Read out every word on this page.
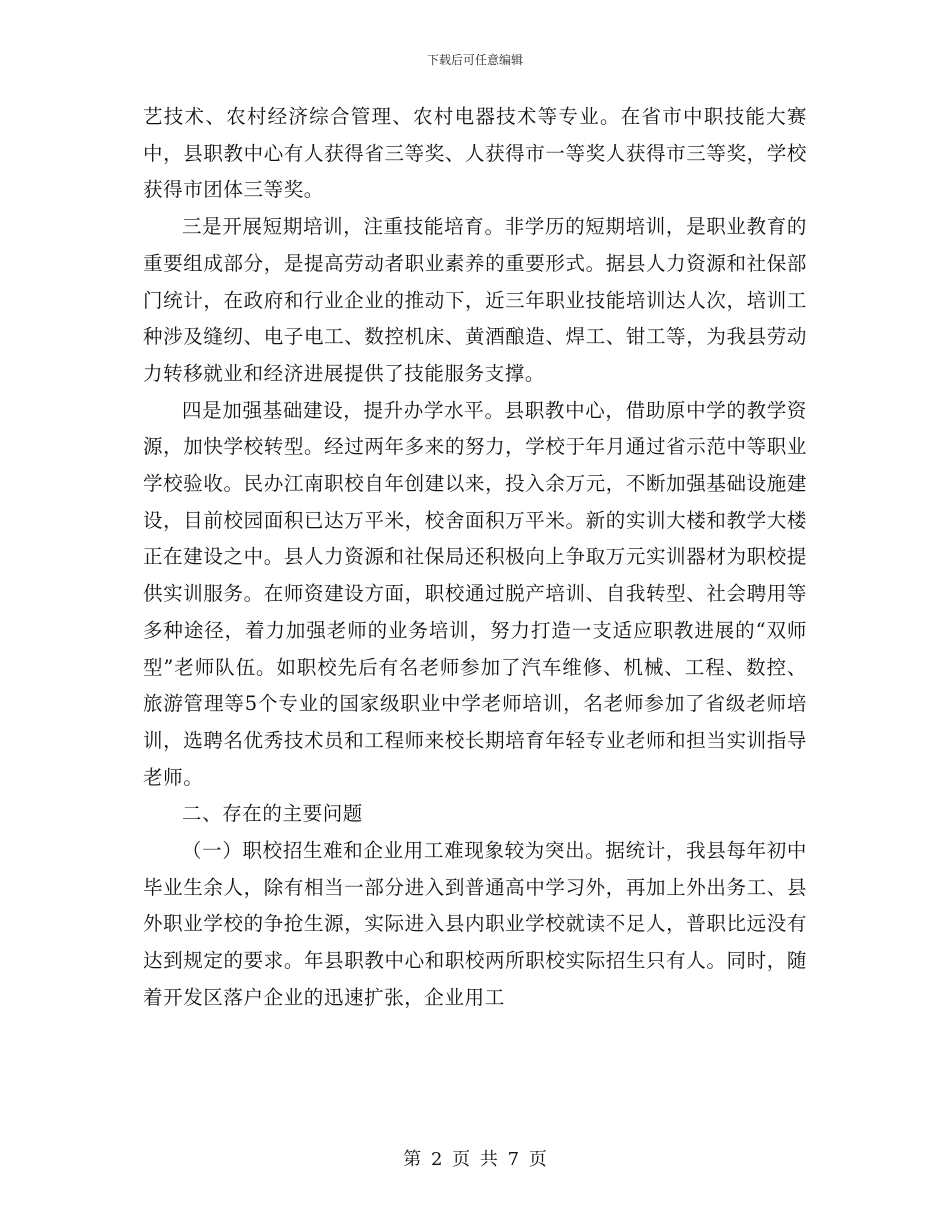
下载后可任意编辑

艺技术、农村经济综合管理、农村电器技术等专业。在省市中职技能大赛中，县职教中心有人获得省三等奖、人获得市一等奖人获得市三等奖，学校获得市团体三等奖。

三是开展短期培训，注重技能培育。非学历的短期培训，是职业教育的重要组成部分，是提高劳动者职业素养的重要形式。据县人力资源和社保部门统计，在政府和行业企业的推动下，近三年职业技能培训达人次，培训工种涉及缝纫、电子电工、数控机床、黄酒酿造、焊工、钳工等，为我县劳动力转移就业和经济进展提供了技能服务支撑。

四是加强基础建设，提升办学水平。县职教中心，借助原中学的教学资源，加快学校转型。经过两年多来的努力，学校于年月通过省示范中等职业学校验收。民办江南职校自年创建以来，投入余万元，不断加强基础设施建设，目前校园面积已达万平米，校舍面积万平米。新的实训大楼和教学大楼正在建设之中。县人力资源和社保局还积极向上争取万元实训器材为职校提供实训服务。在师资建设方面，职校通过脱产培训、自我转型、社会聘用等多种途径，着力加强老师的业务培训，努力打造一支适应职教进展的“双师型”老师队伍。如职校先后有名老师参加了汽车维修、机械、工程、数控、旅游管理等5个专业的国家级职业中学老师培训，名老师参加了省级老师培训，选聘名优秀技术员和工程师来校长期培育年轻专业老师和担当实训指导老师。

二、存在的主要问题

（一）职校招生难和企业用工难现象较为突出。据统计，我县每年初中毕业生余人，除有相当一部分进入到普通高中学习外，再加上外出务工、县外职业学校的争抢生源，实际进入县内职业学校就读不足人，普职比远没有达到规定的要求。年县职教中心和职校两所职校实际招生只有人。同时，随着开发区落户企业的迅速扩张，企业用工

第 2 页 共 7 页
